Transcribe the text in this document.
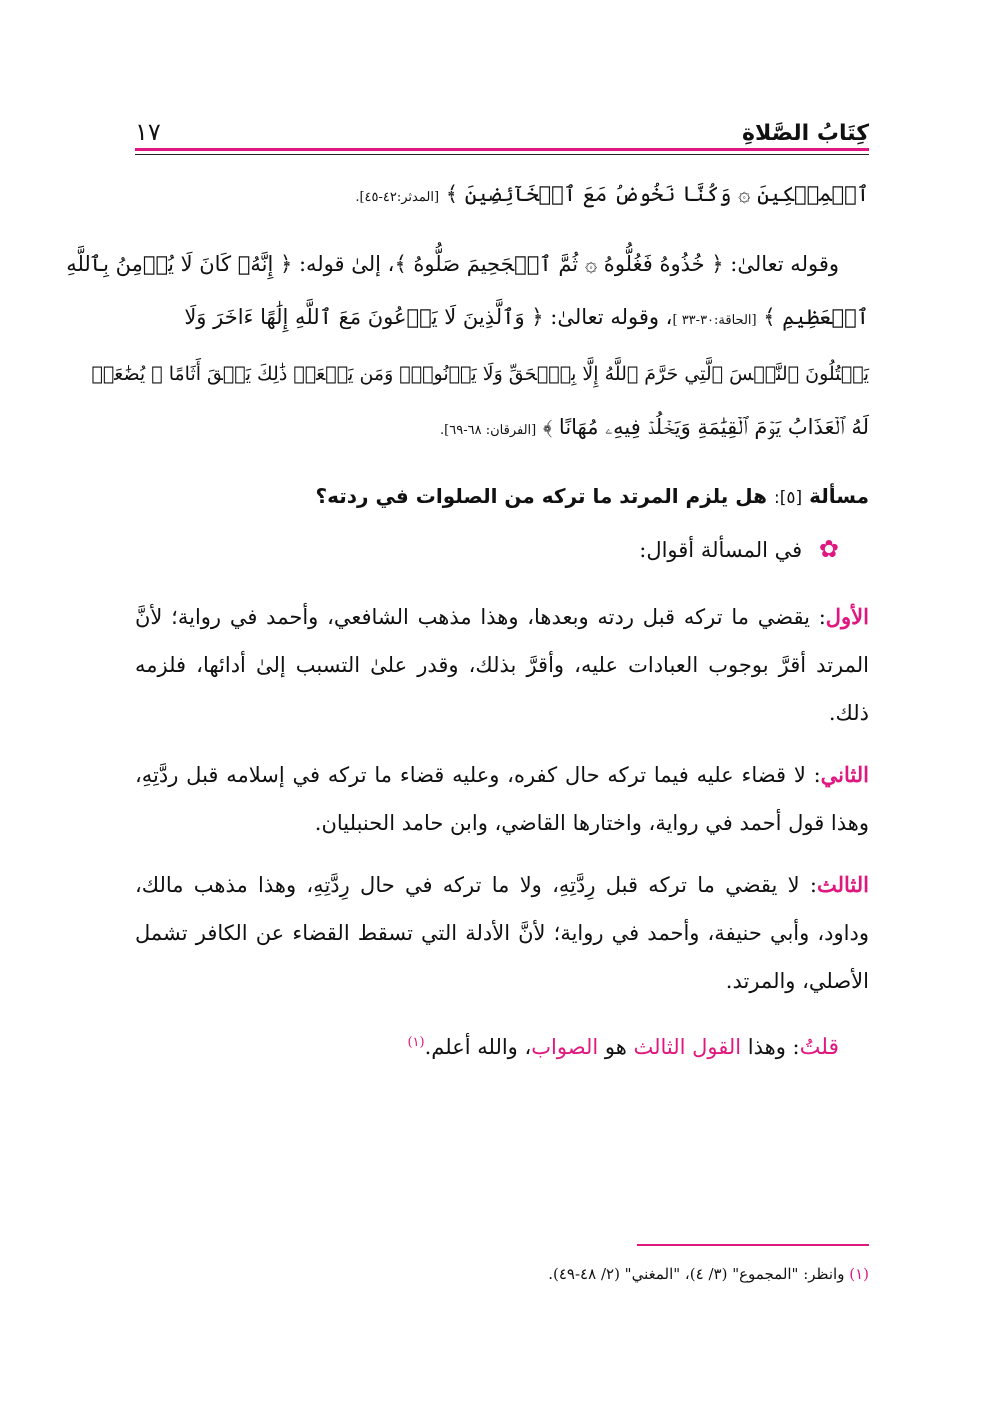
كِتَابُ الصَّلاةِ
١٧
ٱلۡمِسۡكِينَ ۞ وَكُنَّا نَخُوضُ مَعَ ٱلۡخَآئِضِينَ ﴾ [المدثر:٤٢-٤٥].
وقوله تعالىٰ: ﴿ خُذُوهُ فَغُلُّوهُ ۞ ثُمَّ ٱلۡجَحِيمَ صَلُّوهُ ﴾، إلىٰ قوله: ﴿ إِنَّهُۥ كَانَ لَا يُؤۡمِنُ بِٱللَّهِ
ٱلۡعَظِيمِ ﴾ [الحاقة:٣٠-٣٣ ]، وقوله تعالىٰ: ﴿ وَٱلَّذِينَ لَا يَدۡعُونَ مَعَ ٱللَّهِ إِلَٰهًا ءَاخَرَ وَلَا
يَقۡتُلُونَ ٱلنَّفۡسَ ٱلَّتِي حَرَّمَ ٱللَّهُ إِلَّا بِٱلۡحَقِّ وَلَا يَزۡنُونَۚ وَمَن يَفۡعَلۡ ذَٰلِكَ يَلۡقَ أَثَامًا ۞ يُضَٰعَفۡ
لَهُ ٱلۡعَذَابُ يَوۡمَ ٱلۡقِيَٰمَةِ وَيَخۡلُدۡ فِيهِۦ مُهَانًا ﴾ [الفرقان: ٦٨-٦٩].
مسألة [٥]: هل يلزم المرتد ما تركه من الصلوات في ردته؟
✿ في المسألة أقوال:

الأول: يقضي ما تركه قبل ردته وبعدها، وهذا مذهب الشافعي، وأحمد في رواية؛ لأنَّ المرتد أقرَّ بوجوب العبادات عليه، وأقرَّ بذلك، وقدر علىٰ التسبب إلىٰ أدائها، فلزمه ذلك.

الثاني: لا قضاء عليه فيما تركه حال كفره، وعليه قضاء ما تركه في إسلامه قبل ردَّتِهِ، وهذا قول أحمد في رواية، واختارها القاضي، وابن حامد الحنبليان.

الثالث: لا يقضي ما تركه قبل رِدَّتِهِ، ولا ما تركه في حال رِدَّتِهِ، وهذا مذهب مالك، وداود، وأبي حنيفة، وأحمد في رواية؛ لأنَّ الأدلة التي تسقط القضاء عن الكافر تشمل الأصلي، والمرتد.

قلتُ: وهذا القول الثالث هو الصواب، والله أعلم.$^{(١)}$
(١) وانظر: "المجموع" (٣/ ٤)، "المغني" (٢/ ٤٨-٤٩).
